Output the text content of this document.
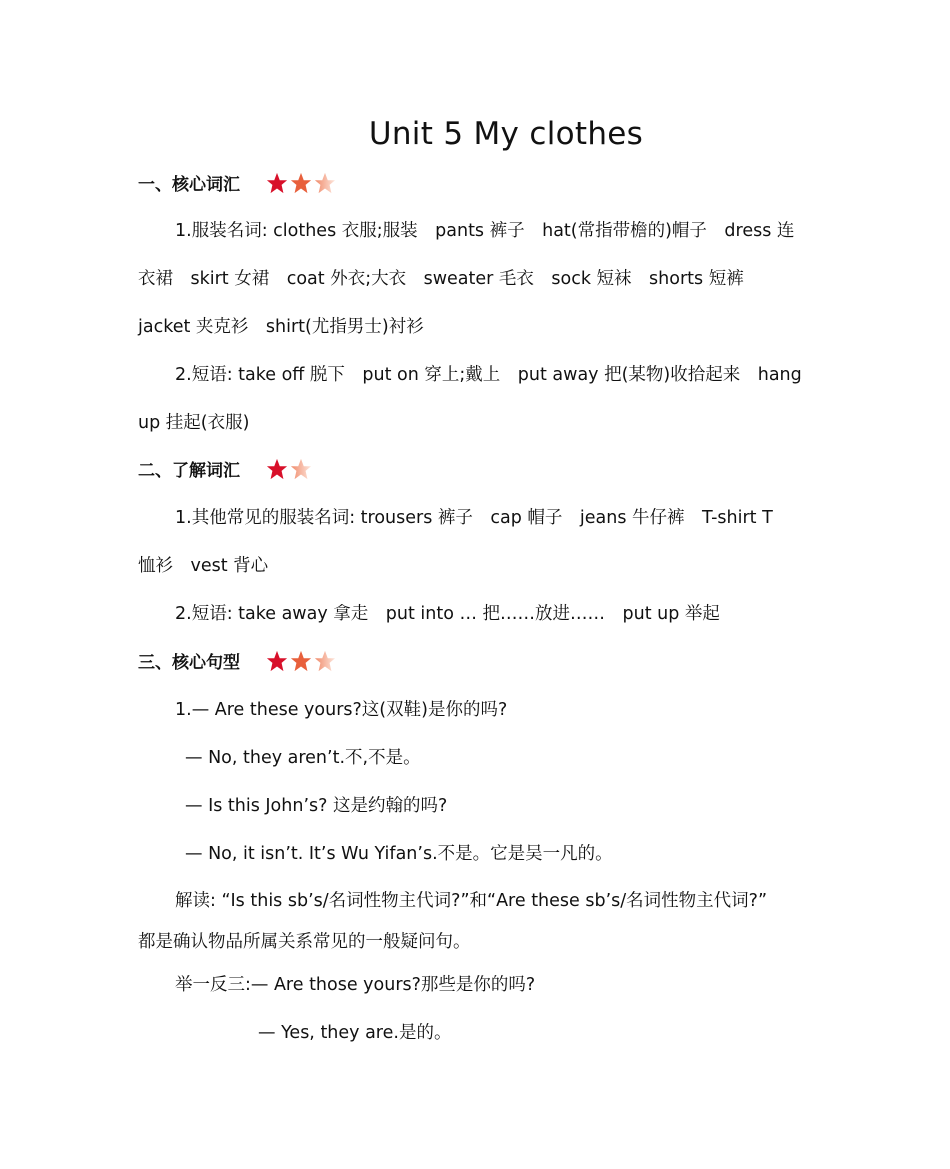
Unit 5 My clothes
一、核心词汇
1.服装名词: clothes 衣服;服装　pants 裤子　hat(常指带檐的)帽子　dress 连
衣裙　skirt 女裙　coat 外衣;大衣　sweater 毛衣　sock 短袜　shorts 短裤
jacket 夹克衫　shirt(尤指男士)衬衫
2.短语: take off 脱下　put on 穿上;戴上　put away 把(某物)收拾起来　hang
up 挂起(衣服)
二、了解词汇
1.其他常见的服装名词: trousers 裤子　cap 帽子　jeans 牛仔裤　T-shirt T
恤衫　vest 背心
2.短语: take away 拿走　put into … 把……放进……　put up 举起
三、核心句型
1.— Are these yours?这(双鞋)是你的吗?
— No, they aren’t.不,不是。
— Is this John’s? 这是约翰的吗?
— No, it isn’t. It’s Wu Yifan’s.不是。它是吴一凡的。
解读: “Is this sb’s/名词性物主代词?”和“Are these sb’s/名词性物主代词?”
都是确认物品所属关系常见的一般疑问句。
举一反三:— Are those yours?那些是你的吗?
— Yes, they are.是的。
